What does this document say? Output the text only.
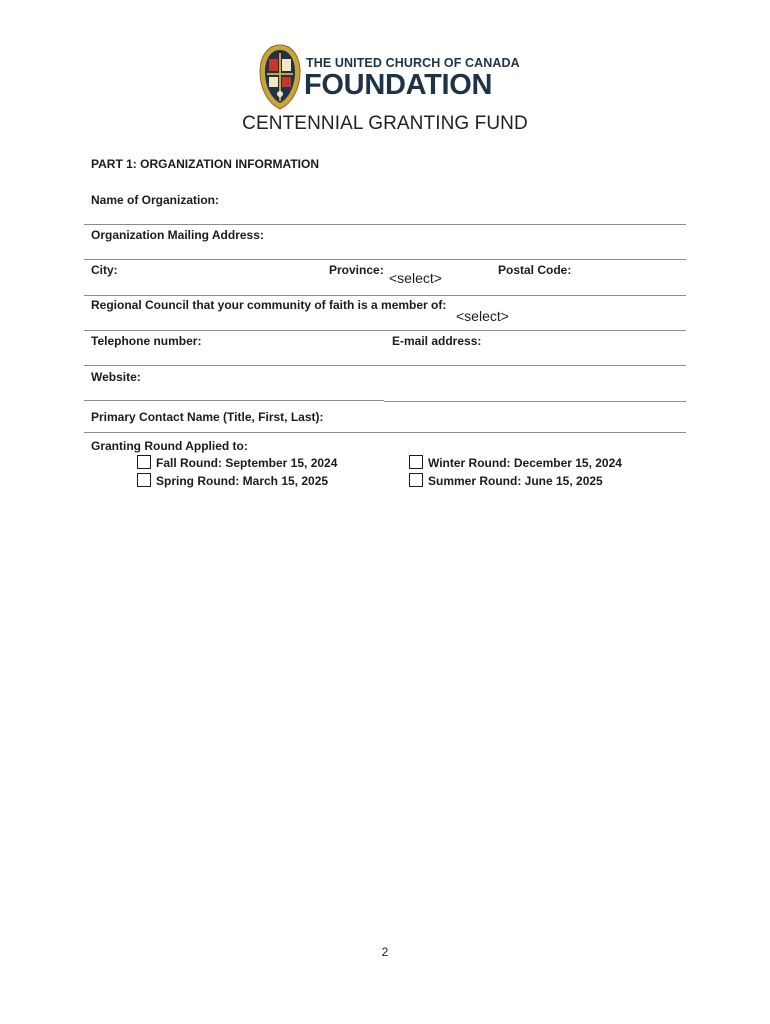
THE UNITED CHURCH OF CANADA
FOUNDATION
CENTENNIAL GRANTING FUND
PART 1: ORGANIZATION INFORMATION
Name of Organization:
Organization Mailing Address:
City:	Province: <select>	Postal Code:
Regional Council that your community of faith is a member of:
<select>
Telephone number:	E-mail address:
Website:
Primary Contact Name (Title, First, Last):
Granting Round Applied to:
Fall Round: September 15, 2024
Spring Round: March 15, 2025
Winter Round: December 15, 2024
Summer Round: June 15, 2025
2
